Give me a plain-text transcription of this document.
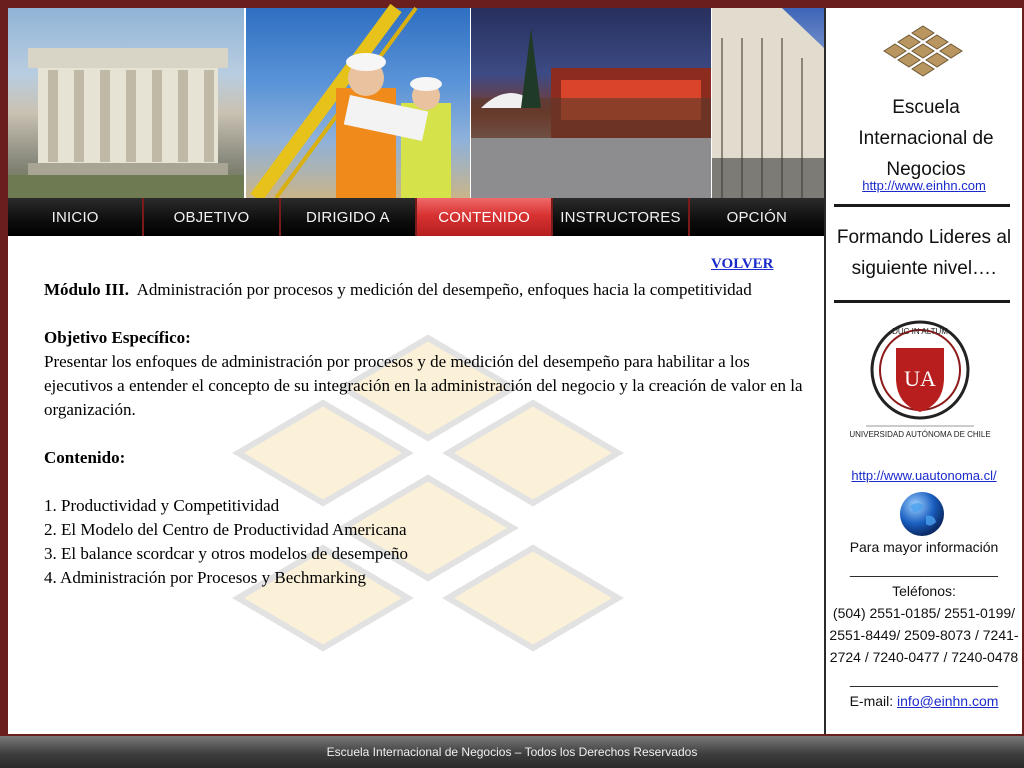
INICIO	OBJETIVO	DIRIGIDO A	CONTENIDO	INSTRUCTORES	OPCIÓN
VOLVER
Módulo III. Administración por procesos y medición del desempeño, enfoques hacia la competitividad
Objetivo Específico:
Presentar los enfoques de administración por procesos y de medición del desempeño para habilitar a los ejecutivos a entender el concepto de su integración en la administración del negocio y la creación de valor en la organización.
Contenido:
1. Productividad y Competitividad
2. El Modelo del Centro de Productividad Americana
3. El balance scordcar y otros modelos de desempeño
4. Administración por Procesos y Bechmarking
Escuela Internacional de Negocios
http://www.einhn.com
Formando Lideres al siguiente nivel….
UA
DUC IN ALTUM
UNIVERSIDAD AUTÓNOMA DE CHILE
http://www.uautonoma.cl/
Para mayor información
___________________
Teléfonos:
(504) 2551-0185/ 2551-0199/ 2551-8449/ 2509-8073 / 7241-2724 / 7240-0477 / 7240-0478
___________________
E-mail: info@einhn.com
Escuela Internacional de Negocios – Todos los Derechos Reservados
